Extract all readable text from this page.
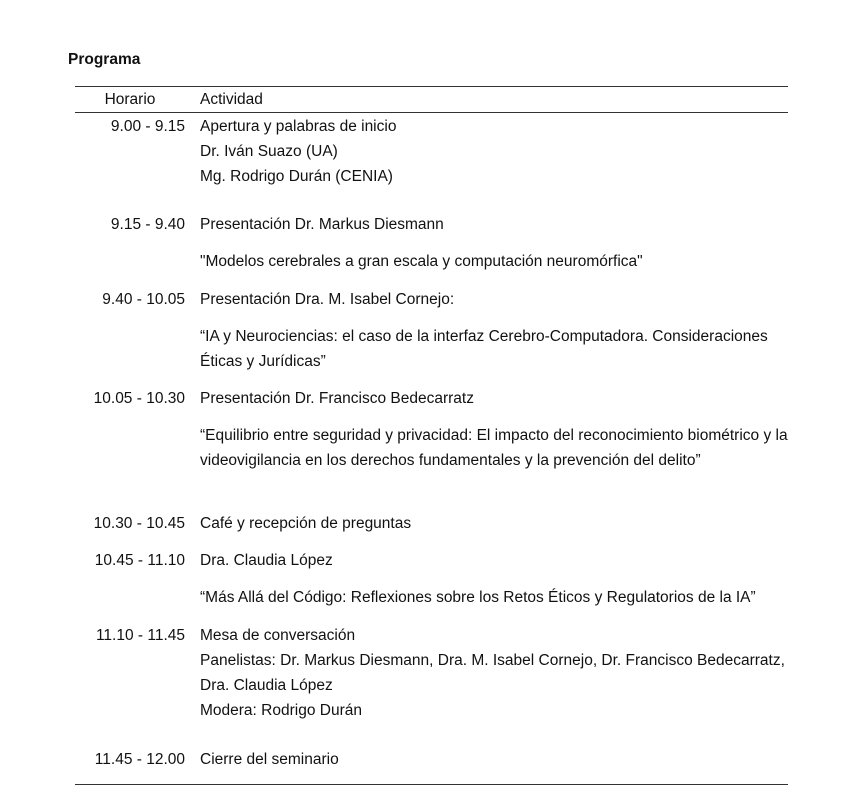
Programa
Horario	Actividad
9.00 - 9.15 Apertura y palabras de inicio
Dr. Iván Suazo (UA)
Mg. Rodrigo Durán (CENIA)
9.15 - 9.40 Presentación Dr. Markus Diesmann
"Modelos cerebrales a gran escala y computación neuromórfica"
9.40 - 10.05 Presentación Dra. M. Isabel Cornejo:
“IA y Neurociencias: el caso de la interfaz Cerebro-Computadora. Consideraciones Éticas y Jurídicas”
10.05 - 10.30 Presentación Dr. Francisco Bedecarratz
“Equilibrio entre seguridad y privacidad: El impacto del reconocimiento biométrico y la videovigilancia en los derechos fundamentales y la prevención del delito”
10.30 - 10.45 Café y recepción de preguntas
10.45 - 11.10 Dra. Claudia López
“Más Allá del Código: Reflexiones sobre los Retos Éticos y Regulatorios de la IA”
11.10 - 11.45 Mesa de conversación
Panelistas: Dr. Markus Diesmann, Dra. M. Isabel Cornejo, Dr. Francisco Bedecarratz, Dra. Claudia López
Modera: Rodrigo Durán
11.45 - 12.00 Cierre del seminario
